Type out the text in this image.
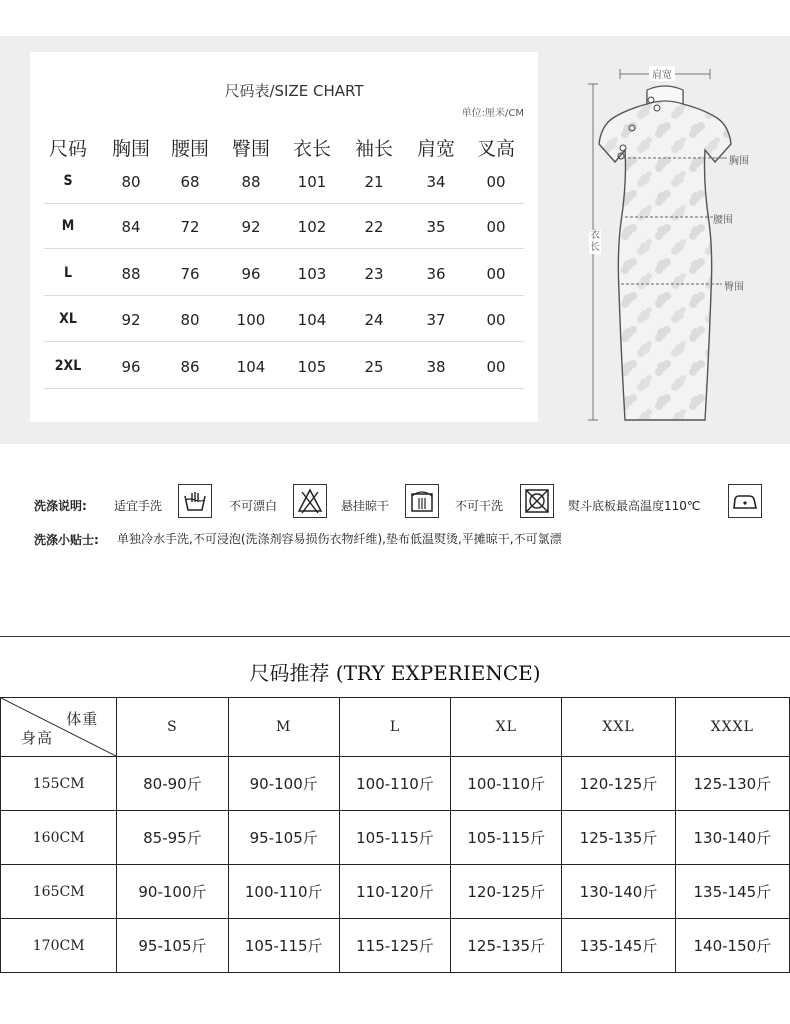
尺码表/SIZE CHART
单位:厘米/CM
尺码	胸围	腰围	臀围	衣长	袖长	肩宽	叉高
S	80	68	88	101	21	34	00
M	84	72	92	102	22	35	00
L	88	76	96	103	23	36	00
XL	92	80	100	104	24	37	00
2XL	96	86	104	105	25	38	00
肩宽
胸围
腰围
臀围
衣长
洗涤说明: 适宜手洗	不可漂白	悬挂晾干	不可干洗	熨斗底板最高温度110℃
洗涤小贴士: 单独冷水手洗,不可浸泡(洗涤剂容易损伤衣物纤维),垫布低温熨烫,平摊晾干,不可氯漂
尺码推荐 (TRY EXPERIENCE)
体重
身高	S	M	L	XL	XXL	XXXL
155CM	80-90斤	90-100斤	100-110斤	100-110斤	120-125斤	125-130斤
160CM	85-95斤	95-105斤	105-115斤	105-115斤	125-135斤	130-140斤
165CM	90-100斤	100-110斤	110-120斤	120-125斤	130-140斤	135-145斤
170CM	95-105斤	105-115斤	115-125斤	125-135斤	135-145斤	140-150斤
